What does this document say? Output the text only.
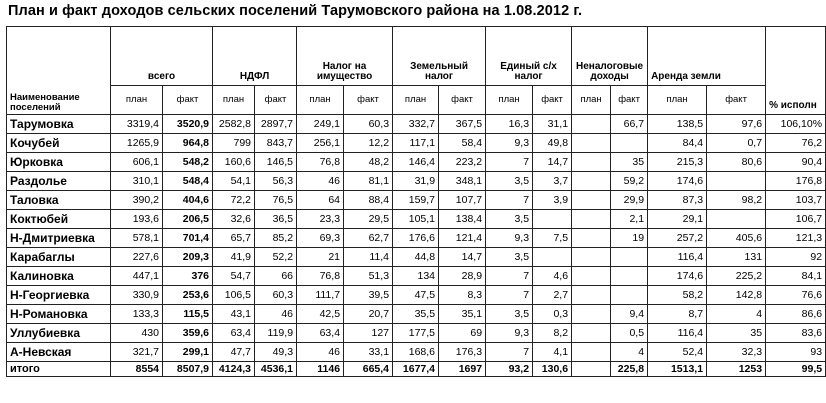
План и факт доходов сельских поселений Тарумовского района на 1.08.2012 г.
Наименование поселений	всего		НДФЛ		Налог на имущество		Земельный налог		Единый с/х налог		Неналоговые доходы		Аренда земли		% исполн
	план	факт	план	факт	план	факт	план	факт	план	факт	план	факт	план	факт	
Тарумовка	3319,4	3520,9	2582,8	2897,7	249,1	60,3	332,7	367,5	16,3	31,1		66,7	138,5	97,6	106,10%
Кочубей	1265,9	964,8	799	843,7	256,1	12,2	117,1	58,4	9,3	49,8			84,4	0,7	76,2
Юрковка	606,1	548,2	160,6	146,5	76,8	48,2	146,4	223,2	7	14,7		35	215,3	80,6	90,4
Раздолье	310,1	548,4	54,1	56,3	46	81,1	31,9	348,1	3,5	3,7		59,2	174,6		176,8
Таловка	390,2	404,6	72,2	76,5	64	88,4	159,7	107,7	7	3,9		29,9	87,3	98,2	103,7
Коктюбей	193,6	206,5	32,6	36,5	23,3	29,5	105,1	138,4	3,5			2,1	29,1		106,7
Н-Дмитриевка	578,1	701,4	65,7	85,2	69,3	62,7	176,6	121,4	9,3	7,5		19	257,2	405,6	121,3
Карабаглы	227,6	209,3	41,9	52,2	21	11,4	44,8	14,7	3,5				116,4	131	92
Калиновка	447,1	376	54,7	66	76,8	51,3	134	28,9	7	4,6			174,6	225,2	84,1
Н-Георгиевка	330,9	253,6	106,5	60,3	111,7	39,5	47,5	8,3	7	2,7			58,2	142,8	76,6
Н-Романовка	133,3	115,5	43,1	46	42,5	20,7	35,5	35,1	3,5	0,3		9,4	8,7	4	86,6
Уллубиевка	430	359,6	63,4	119,9	63,4	127	177,5	69	9,3	8,2		0,5	116,4	35	83,6
А-Невская	321,7	299,1	47,7	49,3	46	33,1	168,6	176,3	7	4,1		4	52,4	32,3	93
итого	8554	8507,9	4124,3	4536,1	1146	665,4	1677,4	1697	93,2	130,6		225,8	1513,1	1253	99,5
